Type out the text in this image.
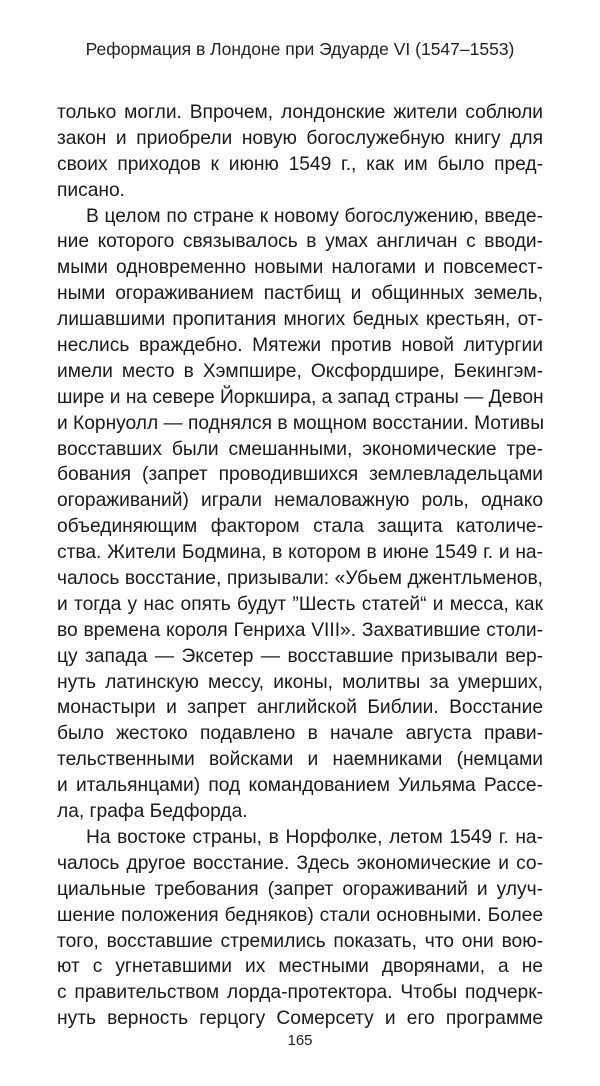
Реформация в Лондоне при Эдуарде VI (1547–1553)
только могли. Впрочем, лондонские жители соблюли
закон и приобрели новую богослужебную книгу для
своих приходов к июню 1549 г., как им было пред-
писано.
В целом по стране к новому богослужению, введе-
ние которого связывалось в умах англичан с вводи-
мыми одновременно новыми налогами и повсемест-
ными огораживанием пастбищ и общинных земель,
лишавшими пропитания многих бедных крестьян, от-
неслись враждебно. Мятежи против новой литургии
имели место в Хэмпшире, Оксфордшире, Бекингэм-
шире и на севере Йоркшира, а запад страны — Девон
и Корнуолл — поднялся в мощном восстании. Мотивы
восставших были смешанными, экономические тре-
бования (запрет проводившихся землевладельцами
огораживаний) играли немаловажную роль, однако
объединяющим фактором стала защита католиче-
ства. Жители Бодмина, в котором в июне 1549 г. и на-
чалось восстание, призывали: «Убьем джентльменов,
и тогда у нас опять будут ”Шесть статей“ и месса, как
во времена короля Генриха VIII». Захватившие столи-
цу запада — Эксетер — восставшие призывали вер-
нуть латинскую мессу, иконы, молитвы за умерших,
монастыри и запрет английской Библии. Восстание
было жестоко подавлено в начале августа прави-
тельственными войсками и наемниками (немцами
и итальянцами) под командованием Уильяма Рассе-
ла, графа Бедфорда.
На востоке страны, в Норфолке, летом 1549 г. на-
чалось другое восстание. Здесь экономические и со-
циальные требования (запрет огораживаний и улуч-
шение положения бедняков) стали основными. Более
того, восставшие стремились показать, что они вою-
ют с угнетавшими их местными дворянами, а не
с правительством лорда-протектора. Чтобы подчерк-
нуть верность герцогу Сомерсету и его программе
165
